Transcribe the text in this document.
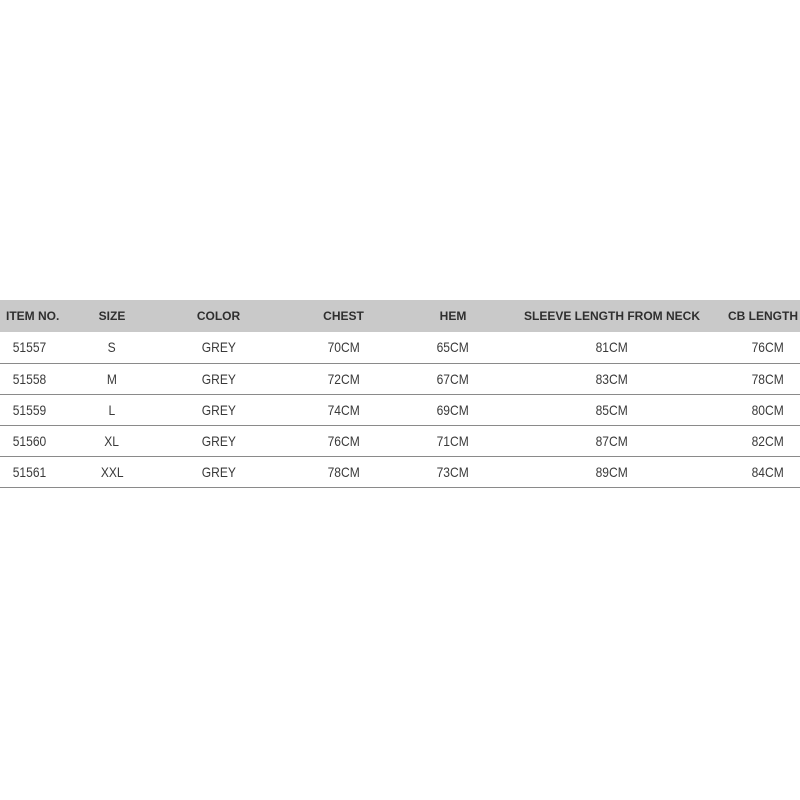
ITEM NO.	SIZE	COLOR	CHEST	HEM	SLEEVE LENGTH FROM NECK	CB LENGTH
51557	S	GREY	70CM	65CM	81CM	76CM
51558	M	GREY	72CM	67CM	83CM	78CM
51559	L	GREY	74CM	69CM	85CM	80CM
51560	XL	GREY	76CM	71CM	87CM	82CM
51561	XXL	GREY	78CM	73CM	89CM	84CM
